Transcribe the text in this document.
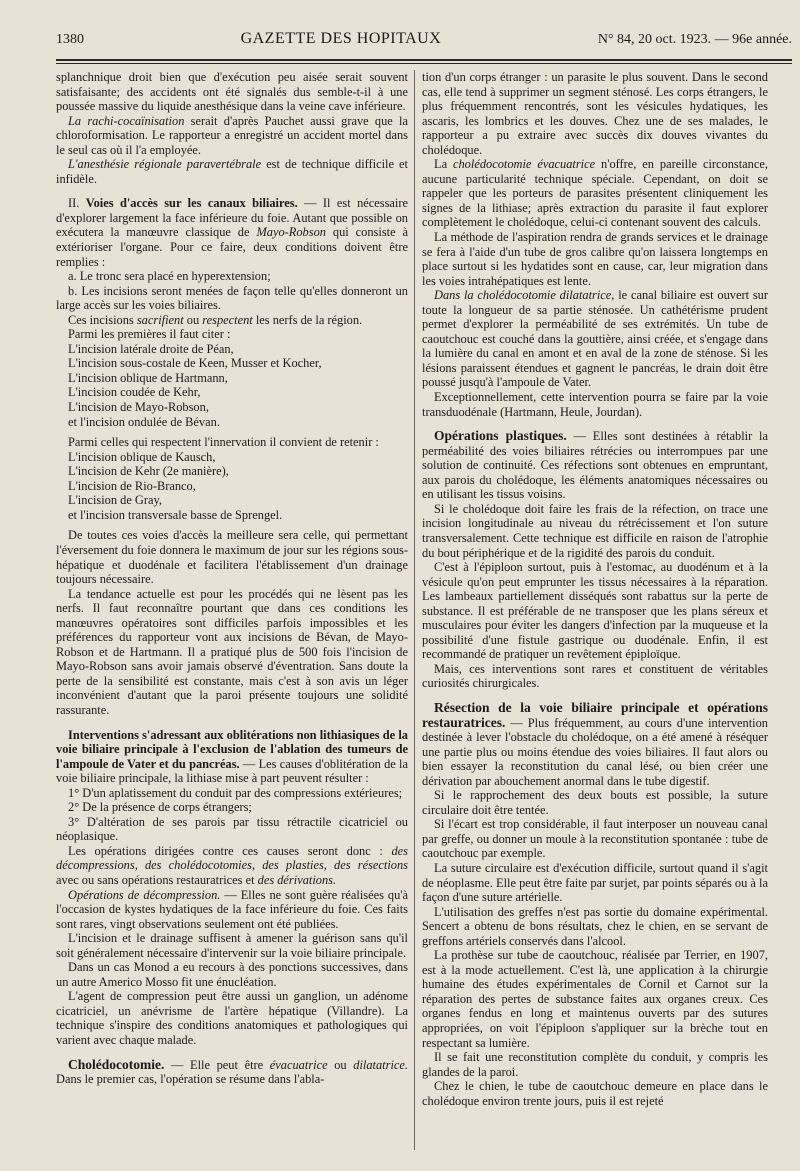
1380	GAZETTE DES HOPITAUX	N° 84, 20 oct. 1923. — 96e année.

splanchnique droit bien que d'exécution peu aisée serait souvent satisfaisante; des accidents ont été signalés dus semble-t-il à une poussée massive du liquide anesthésique dans la veine cave inférieure.

La rachi-cocaïnisation serait d'après Pauchet aussi grave que la chloroformisation. Le rapporteur a enregistré un accident mortel dans le seul cas où il l'a employée.

L'anesthésie régionale paravertébrale est de technique difficile et infidèle.

II. Voies d'accès sur les canaux biliaires. — Il est nécessaire d'explorer largement la face inférieure du foie. Autant que possible on exécutera la manœuvre classique de Mayo-Robson qui consiste à extérioriser l'organe. Pour ce faire, deux conditions doivent être remplies :

a. Le tronc sera placé en hyperextension;

b. Les incisions seront menées de façon telle qu'elles donneront un large accès sur les voies biliaires.

Ces incisions sacrifient ou respectent les nerfs de la région.

Parmi les premières il faut citer :

L'incision latérale droite de Péan,

L'incision sous-costale de Keen, Musser et Kocher,

L'incision oblique de Hartmann,

L'incision coudée de Kehr,

L'incision de Mayo-Robson,

et l'incision ondulée de Bévan.

Parmi celles qui respectent l'innervation il convient de retenir :

L'incision oblique de Kausch,

L'incision de Kehr (2e manière),

L'incision de Rio-Branco,

L'incision de Gray,

et l'incision transversale basse de Sprengel.

De toutes ces voies d'accès la meilleure sera celle, qui permettant l'éversement du foie donnera le maximum de jour sur les régions sous-hépatique et duodénale et facilitera l'établissement d'un drainage toujours nécessaire.

La tendance actuelle est pour les procédés qui ne lèsent pas les nerfs. Il faut reconnaître pourtant que dans ces conditions les manœuvres opératoires sont difficiles parfois impossibles et les préférences du rapporteur vont aux incisions de Bévan, de Mayo-Robson et de Hartmann. Il a pratiqué plus de 500 fois l'incision de Mayo-Robson sans avoir jamais observé d'éventration. Sans doute la perte de la sensibilité est constante, mais c'est à son avis un léger inconvénient d'autant que la paroi présente toujours une solidité rassurante.

Interventions s'adressant aux oblitérations non lithiasiques de la voie biliaire principale à l'exclusion de l'ablation des tumeurs de l'ampoule de Vater et du pancréas. — Les causes d'oblitération de la voie biliaire principale, la lithiase mise à part peuvent résulter :

1° D'un aplatissement du conduit par des compressions extérieures;

2° De la présence de corps étrangers;

3° D'altération de ses parois par tissu rétractile cicatriciel ou néoplasique.

Les opérations dirigées contre ces causes seront donc : des décompressions, des cholédocotomies, des plasties, des résections avec ou sans opérations restauratrices et des dérivations.

Opérations de décompression. — Elles ne sont guère réalisées qu'à l'occasion de kystes hydatiques de la face inférieure du foie. Ces faits sont rares, vingt observations seulement ont été publiées.

L'incision et le drainage suffisent à amener la guérison sans qu'il soit généralement nécessaire d'intervenir sur la voie biliaire principale.

Dans un cas Monod a eu recours à des ponctions successives, dans un autre Americo Mosso fit une énucléation.

L'agent de compression peut être aussi un ganglion, un adénome cicatriciel, un anévrisme de l'artère hépatique (Villandre). La technique s'inspire des conditions anatomiques et pathologiques qui varient avec chaque malade.

Cholédocotomie. — Elle peut être évacuatrice ou dilatatrice. Dans le premier cas, l'opération se résume dans l'abla-

tion d'un corps étranger : un parasite le plus souvent. Dans le second cas, elle tend à supprimer un segment sténosé. Les corps étrangers, le plus fréquemment rencontrés, sont les vésicules hydatiques, les ascaris, les lombrics et les douves. Chez une de ses malades, le rapporteur a pu extraire avec succès dix douves vivantes du cholédoque.

La cholédocotomie évacuatrice n'offre, en pareille circonstance, aucune particularité technique spéciale. Cependant, on doit se rappeler que les porteurs de parasites présentent cliniquement les signes de la lithiase; après extraction du parasite il faut explorer complètement le cholédoque, celui-ci contenant souvent des calculs.

La méthode de l'aspiration rendra de grands services et le drainage se fera à l'aide d'un tube de gros calibre qu'on laissera longtemps en place surtout si les hydatides sont en cause, car, leur migration dans les voies intrahépatiques est lente.

Dans la cholédocotomie dilatatrice, le canal biliaire est ouvert sur toute la longueur de sa partie sténosée. Un cathétérisme prudent permet d'explorer la perméabilité de ses extrémités. Un tube de caoutchouc est couché dans la gouttière, ainsi créée, et s'engage dans la lumière du canal en amont et en aval de la zone de sténose. Si les lésions paraissent étendues et gagnent le pancréas, le drain doit être poussé jusqu'à l'ampoule de Vater.

Exceptionnellement, cette intervention pourra se faire par la voie transduodénale (Hartmann, Heule, Jourdan).

Opérations plastiques. — Elles sont destinées à rétablir la perméabilité des voies biliaires rétrécies ou interrompues par une solution de continuité. Ces réfections sont obtenues en empruntant, aux parois du cholédoque, les éléments anatomiques nécessaires ou en utilisant les tissus voisins.

Si le cholédoque doit faire les frais de la réfection, on trace une incision longitudinale au niveau du rétrécissement et l'on suture transversalement. Cette technique est difficile en raison de l'atrophie du bout périphérique et de la rigidité des parois du conduit.

C'est à l'épiploon surtout, puis à l'estomac, au duodénum et à la vésicule qu'on peut emprunter les tissus nécessaires à la réparation. Les lambeaux partiellement disséqués sont rabattus sur la perte de substance. Il est préférable de ne transposer que les plans séreux et musculaires pour éviter les dangers d'infection par la muqueuse et la possibilité d'une fistule gastrique ou duodénale. Enfin, il est recommandé de pratiquer un revêtement épiploïque.

Mais, ces interventions sont rares et constituent de véritables curiosités chirurgicales.

Résection de la voie biliaire principale et opérations restauratrices. — Plus fréquemment, au cours d'une intervention destinée à lever l'obstacle du cholédoque, on a été amené à réséquer une partie plus ou moins étendue des voies biliaires. Il faut alors ou bien essayer la reconstitution du canal lésé, ou bien créer une dérivation par abouchement anormal dans le tube digestif.

Si le rapprochement des deux bouts est possible, la suture circulaire doit être tentée.

Si l'écart est trop considérable, il faut interposer un nouveau canal par greffe, ou donner un moule à la reconstitution spontanée : tube de caoutchouc par exemple.

La suture circulaire est d'exécution difficile, surtout quand il s'agit de néoplasme. Elle peut être faite par surjet, par points séparés ou à la façon d'une suture artérielle.

L'utilisation des greffes n'est pas sortie du domaine expérimental. Sencert a obtenu de bons résultats, chez le chien, en se servant de greffons artériels conservés dans l'alcool.

La prothèse sur tube de caoutchouc, réalisée par Terrier, en 1907, est à la mode actuellement. C'est là, une application à la chirurgie humaine des études expérimentales de Cornil et Carnot sur la réparation des pertes de substance faites aux organes creux. Ces organes fendus en long et maintenus ouverts par des sutures appropriées, on voit l'épiploon s'appliquer sur la brèche tout en respectant sa lumière.

Il se fait une reconstitution complète du conduit, y compris les glandes de la paroi.

Chez le chien, le tube de caoutchouc demeure en place dans le cholédoque environ trente jours, puis il est rejeté
